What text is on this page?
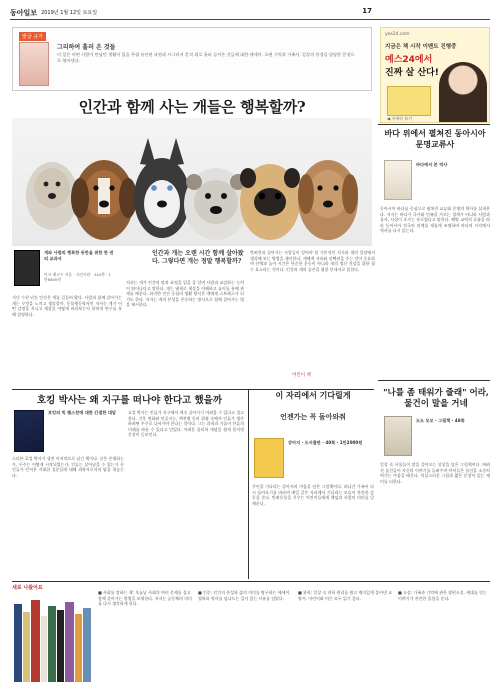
동아일보 2019년 1월 12일 토요일	17
발굴 규가
그리하여 흘러 온 것들
이 일은 어떤 사람이 만났던 생활이 있을 무렵 유인된 낙원과 사그라져 흔적 위로 흘러 들어온 것들에 대한 에세이. 오랜 기억과 가족사, 일상의 풍경을 담담한 문장으로 엮어낸다.
yes24.com
지금은 책 시작 이벤트 진행중
예스24에서
진짜 살 산다!
◀ 자세히 보기
인간과 함께 사는 개들은 행복할까?
개와 사람의 행복한 동반을 위한 한 권 의 교과서
마크 베코프 지음 · 국민서관 · 344쪽 · 1만6800원
지난 수천 년간 인간은 개를 길들여 왔다. 사람과 함께 살아가는 개는 무엇을 느끼고 생각할까. 동물행동학자인 저자는 개가 어떤 감정을 지니고 세상을 어떻게 바라보는지 과학적 연구를 통해 설명한다.
저자는 개가 인간의 말과 표정을 읽을 줄 알며 사람과 교감하는 능력이 뛰어나다고 말한다. 개는 냄새로 세상을 이해하고 놀이를 통해 관계를 배운다. 하지만 인간 중심의 생활 방식은 개에게 스트레스가 되기도 한다. 저자는 개의 본성을 존중하는 방식으로 함께 살아가는 법을 제시한다.
인간과 개는 오랜 시간 함께 살아왔다. 그렇다면 개는 정말 행복할까?
반려견과 살아가는 사람들이 알아야 할 기본적인 지식과 개의 입장에서 생각해 보는 방법을 제안한다. 개에게 자유와 선택권을 주는 것이 중요하며 산책과 놀이 시간은 단순한 운동이 아니라 개의 정신 건강을 위한 필수 요소라는 것이다. 인간과 개의 공존을 위한 안내서로 읽힌다.
호킹 박사는 왜 지구를 떠나야 한다고 했을까
호킹의 빅 퀘스천에 대한 간결한 대답
스티븐 호킹 박사가 생전 마지막으로 남긴 책이다. 신은 존재하는가, 우주는 어떻게 시작되었는가, 인류는 살아남을 수 있는가 등 인류가 던져온 거대한 질문들에 대해 과학자로서의 답을 내놓는다.
호킹 박사는 인류가 지구에서 계속 살아가기 어려울 수 있다고 경고한다. 기후 변화와 인공지능, 핵전쟁 등의 위협 속에서 인류가 생존하려면 우주로 나아가야 한다는 것이다. 그는 과학과 기술이 인류의 미래를 바꿀 수 있다고 믿었다. 어려운 물리학 개념을 쉽게 풀어낸 문장이 돋보인다.
어린이 책
이 자리에서 기다릴게
언젠가는 꼭 돌아와줘
강아지 · 도서출판 · 40쪽 · 1만2000원
주인을 기다리는 강아지의 마음을 담은 그림책이다. 떠나간 가족이 다시 돌아오기를 바라며 매일 같은 자리에서 기다리는 모습이 잔잔한 감동을 준다. 반려동물을 키우는 어린이들에게 책임과 사랑의 의미를 일깨운다.
"나를 좀 태워가 줄래" 어라, 물건이 말을 거네
도도 모모 · 그림책 · 48쪽
일상 속 사물들이 말을 걸어오는 상상을 담은 그림책이다. 버려진 물건들이 자신의 이야기를 들려주며 아이들은 물건을 소중히 여기는 마음을 배운다. 익살스러운 그림과 짧은 문장이 읽는 재미를 더한다.
바다 위에서 펼쳐진 동아시아 문명교류사
바다에서 본 역사
동아시아 바다를 중심으로 펼쳐진 교류와 문명의 역사를 살펴본다. 저자는 바다가 국가와 민족을 가르는 경계가 아니라 사람과 물자, 사상이 오가는 통로였다고 말한다. 해양 교역의 흐름을 따라 동아시아 각국의 관계를 새롭게 조명하며 바다의 시각에서 역사를 다시 읽는다.
새로 나왔어요
■ 사회를 말하는 책: 오늘날 사회의 여러 문제를 짚고 함께 살아가는 방법을 모색한다. 저자는 공동체의 의미를 다시 생각하게 한다.
■ 인문: 인간의 본성과 삶의 의미를 탐구하는 에세이. 철학과 역사를 넘나드는 깊이 있는 사유를 담았다.
■ 과학: 일상 속 과학 원리를 쉽고 재미있게 풀어낸 교양서. 어린이와 어른 모두 읽기 좋다.
■ 소설: 가족과 기억에 관한 장편소설. 세대를 잇는 이야기가 잔잔한 울림을 준다.
